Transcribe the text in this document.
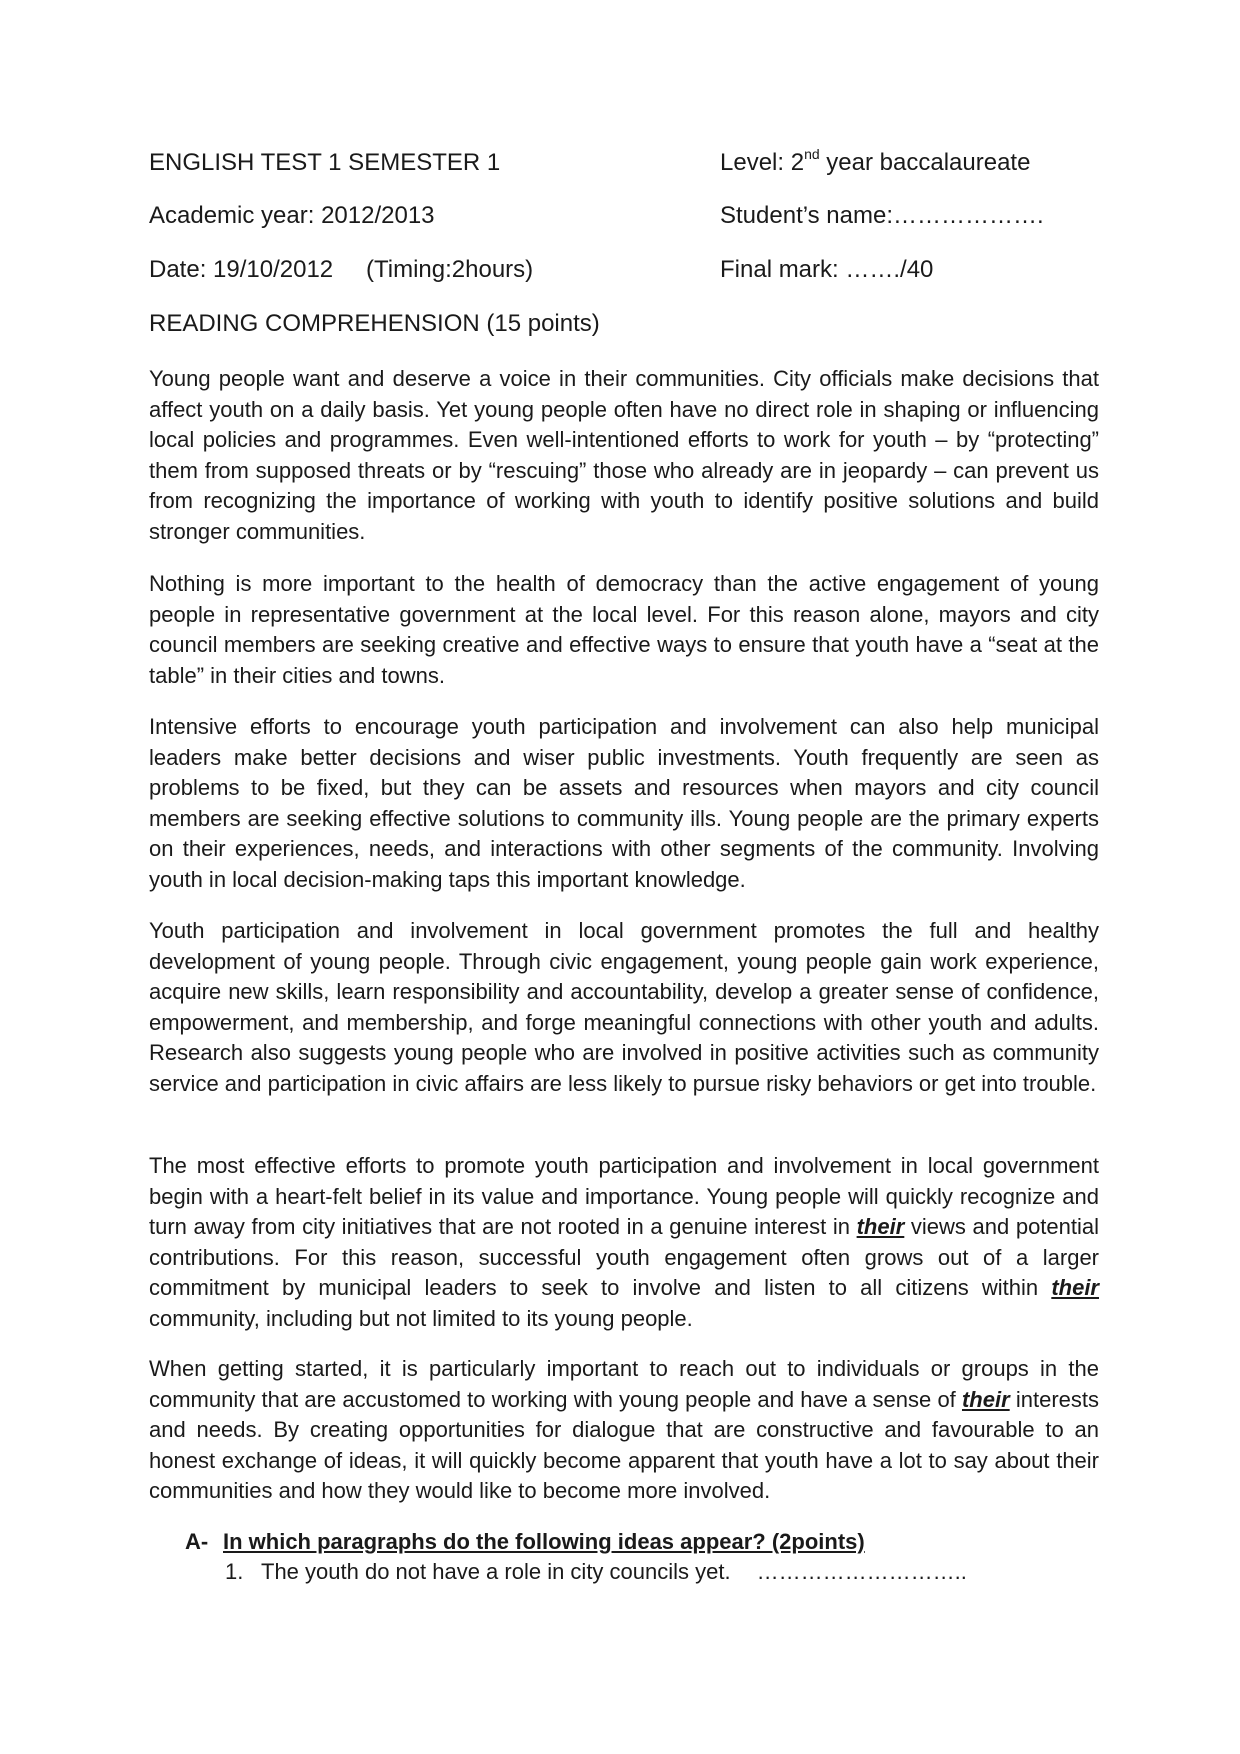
ENGLISH TEST 1 SEMESTER 1	Level: 2nd year baccalaureate
Academic year: 2012/2013	Student’s name:……………….
Date: 19/10/2012 (Timing:2hours)	Final mark: ……./40
READING COMPREHENSION (15 points)

Young people want and deserve a voice in their communities. City officials make decisions that affect youth on a daily basis. Yet young people often have no direct role in shaping or influencing local policies and programmes. Even well-intentioned efforts to work for youth – by “protecting” them from supposed threats or by “rescuing” those who already are in jeopardy – can prevent us from recognizing the importance of working with youth to identify positive solutions and build stronger communities.

Nothing is more important to the health of democracy than the active engagement of young people in representative government at the local level. For this reason alone, mayors and city council members are seeking creative and effective ways to ensure that youth have a “seat at the table” in their cities and towns.

Intensive efforts to encourage youth participation and involvement can also help municipal leaders make better decisions and wiser public investments. Youth frequently are seen as problems to be fixed, but they can be assets and resources when mayors and city council members are seeking effective solutions to community ills. Young people are the primary experts on their experiences, needs, and interactions with other segments of the community. Involving youth in local decision-making taps this important knowledge.

Youth participation and involvement in local government promotes the full and healthy development of young people. Through civic engagement, young people gain work experience, acquire new skills, learn responsibility and accountability, develop a greater sense of confidence, empowerment, and membership, and forge meaningful connections with other youth and adults. Research also suggests young people who are involved in positive activities such as community service and participation in civic affairs are less likely to pursue risky behaviors or get into trouble.

The most effective efforts to promote youth participation and involvement in local government begin with a heart-felt belief in its value and importance. Young people will quickly recognize and turn away from city initiatives that are not rooted in a genuine interest in their views and potential contributions. For this reason, successful youth engagement often grows out of a larger commitment by municipal leaders to seek to involve and listen to all citizens within their community, including but not limited to its young people.

When getting started, it is particularly important to reach out to individuals or groups in the community that are accustomed to working with young people and have a sense of their interests and needs. By creating opportunities for dialogue that are constructive and favourable to an honest exchange of ideas, it will quickly become apparent that youth have a lot to say about their communities and how they would like to become more involved.

A- In which paragraphs do the following ideas appear? (2points)
1. The youth do not have a role in city councils yet. ………………………..
